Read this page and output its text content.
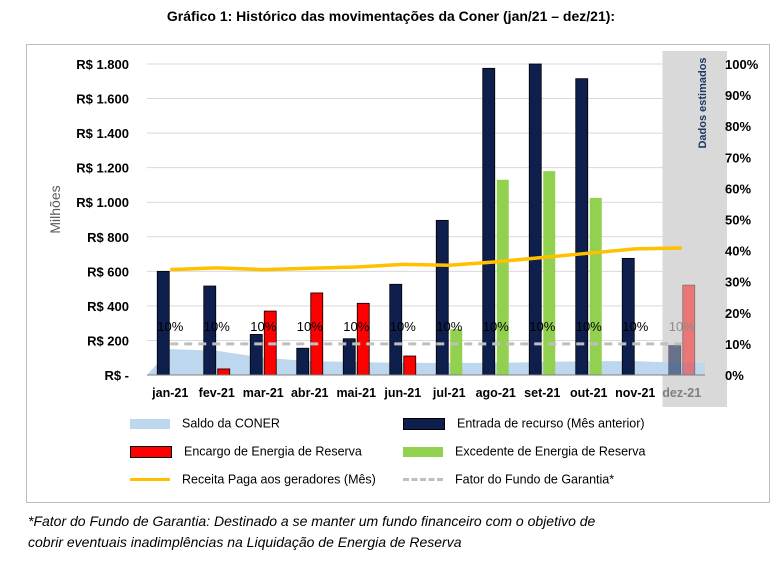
Gráfico 1: Histórico das movimentações da Coner (jan/21 – dez/21):
R$ -
R$ 200
R$ 400
R$ 600
R$ 800
R$ 1.000
R$ 1.200
R$ 1.400
R$ 1.600
R$ 1.800
0%
10%
20%
30%
40%
50%
60%
70%
80%
90%
100%
Milhões
Dados estimados
10% 10% 10% 10% 10% 10% 10% 10% 10% 10% 10% 10%
jan-21 fev-21 mar-21 abr-21 mai-21 jun-21 jul-21 ago-21 set-21 out-21 nov-21 dez-21
Saldo da CONER	Entrada de recurso (Mês anterior)
Encargo de Energia de Reserva	Excedente de Energia de Reserva
Receita Paga aos geradores (Mês)	Fator do Fundo de Garantia*
*Fator do Fundo de Garantia: Destinado a se manter um fundo financeiro com o objetivo de
cobrir eventuais inadimplências na Liquidação de Energia de Reserva
